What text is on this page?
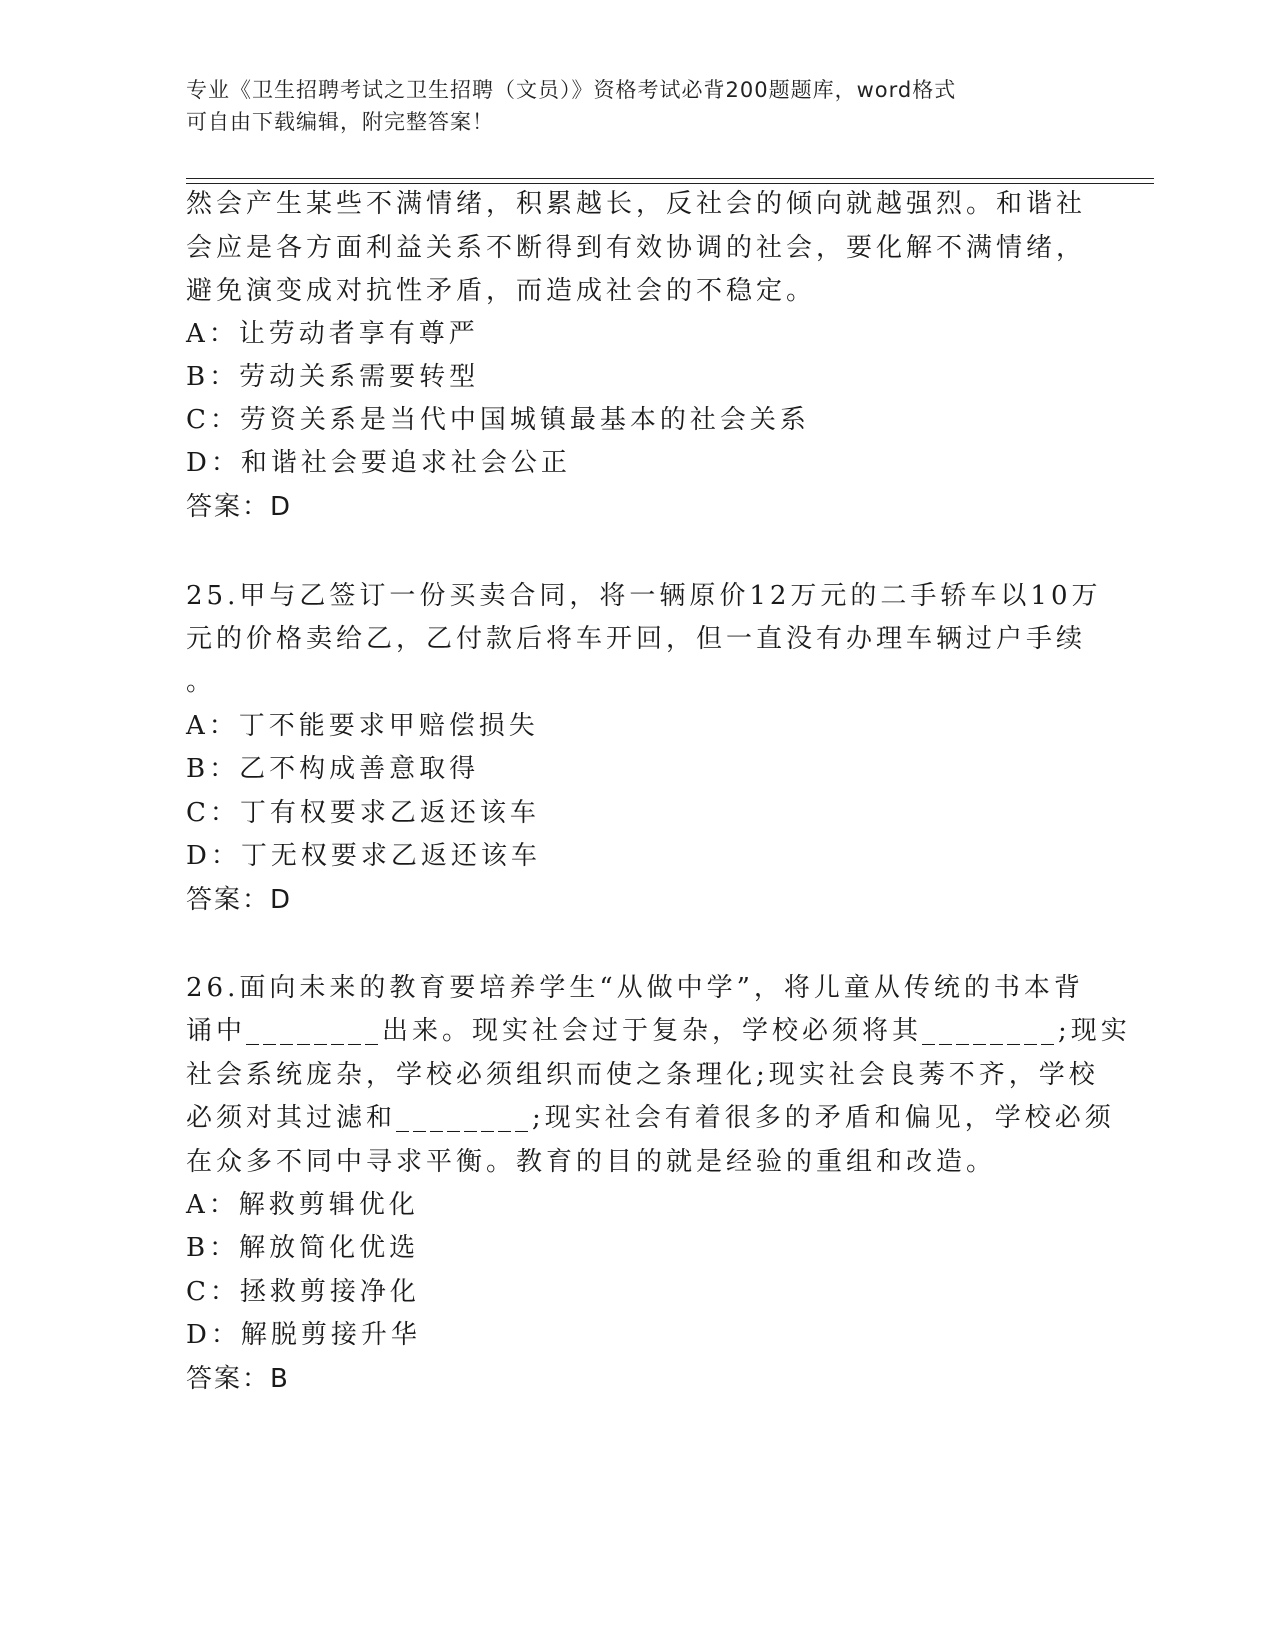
专业《卫生招聘考试之卫生招聘（文员）》资格考试必背200题题库，word格式
可自由下载编辑，附完整答案！
然会产生某些不满情绪，积累越长，反社会的倾向就越强烈。和谐社
会应是各方面利益关系不断得到有效协调的社会，要化解不满情绪，
避免演变成对抗性矛盾，而造成社会的不稳定。
A：让劳动者享有尊严
B：劳动关系需要转型
C：劳资关系是当代中国城镇最基本的社会关系
D：和谐社会要追求社会公正
答案：D
25.甲与乙签订一份买卖合同，将一辆原价12万元的二手轿车以10万
元的价格卖给乙，乙付款后将车开回，但一直没有办理车辆过户手续
。
A：丁不能要求甲赔偿损失
B：乙不构成善意取得
C：丁有权要求乙返还该车
D：丁无权要求乙返还该车
答案：D
26.面向未来的教育要培养学生“从做中学”，将儿童从传统的书本背
诵中________出来。现实社会过于复杂，学校必须将其________;现实
社会系统庞杂，学校必须组织而使之条理化;现实社会良莠不齐，学校
必须对其过滤和________;现实社会有着很多的矛盾和偏见，学校必须
在众多不同中寻求平衡。教育的目的就是经验的重组和改造。
A：解救剪辑优化
B：解放简化优选
C：拯救剪接净化
D：解脱剪接升华
答案：B
